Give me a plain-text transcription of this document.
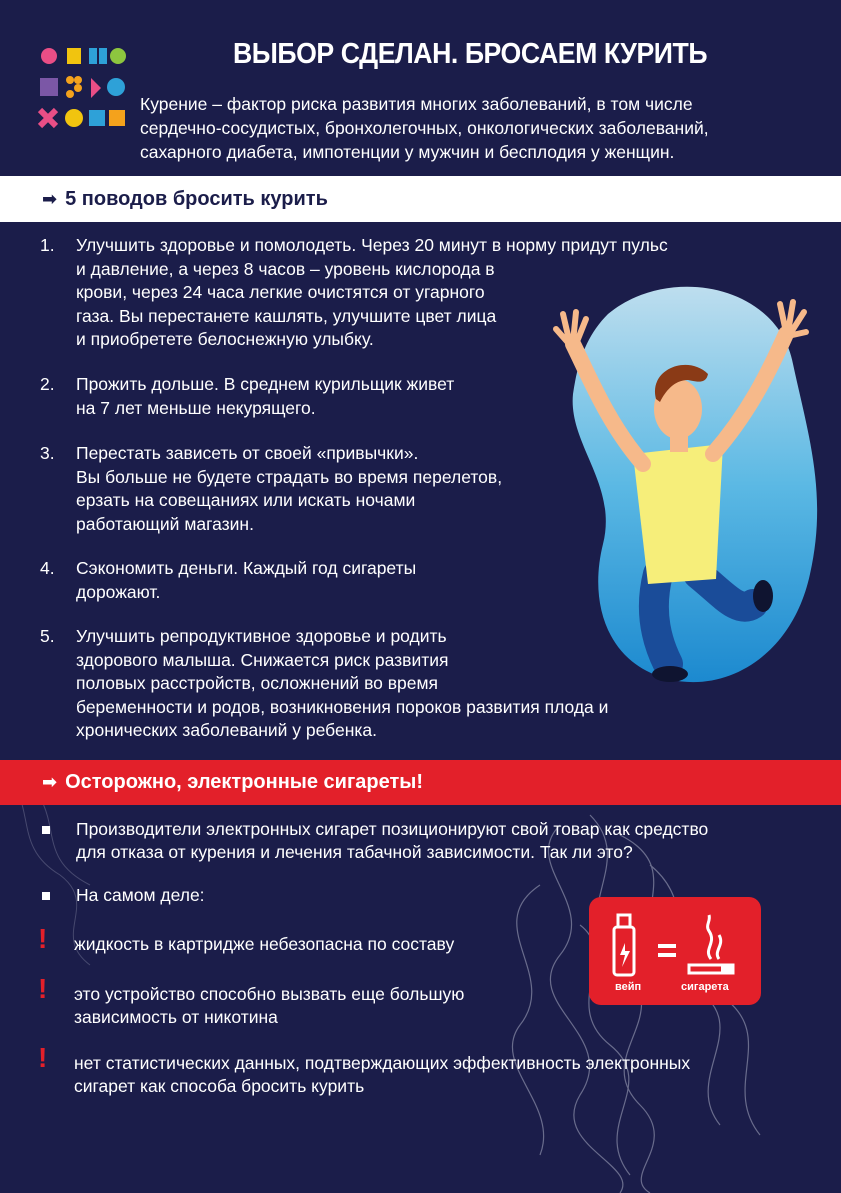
ВЫБОР СДЕЛАН. БРОСАЕМ КУРИТЬ
Курение – фактор риска развития многих заболеваний, в том числе
сердечно-сосудистых, бронхолегочных, онкологических заболеваний,
сахарного диабета, импотенции у мужчин и бесплодия у женщин.
➡ 5 поводов бросить курить
1. Улучшить здоровье и помолодеть. Через 20 минут в норму придут пульс
и давление, а через 8 часов – уровень кислорода в
крови, через 24 часа легкие очистятся от угарного
газа. Вы перестанете кашлять, улучшите цвет лица
и приобретете белоснежную улыбку.
2. Прожить дольше. В среднем курильщик живет
на 7 лет меньше некурящего.
3. Перестать зависеть от своей «привычки».
Вы больше не будете страдать во время перелетов,
ерзать на совещаниях или искать ночами
работающий магазин.
4. Сэкономить деньги. Каждый год сигареты
дорожают.
5. Улучшить репродуктивное здоровье и родить
здорового малыша. Снижается риск развития
половых расстройств, осложнений во время
беременности и родов, возникновения пороков развития плода и
хронических заболеваний у ребенка.
➡ Осторожно, электронные сигареты!
Производители электронных сигарет позиционируют свой товар как средство
для отказа от курения и лечения табачной зависимости. Так ли это?
На самом деле:
! жидкость в картридже небезопасна по составу
! это устройство способно вызвать еще большую
зависимость от никотина
! нет статистических данных, подтверждающих эффективность электронных
сигарет как способа бросить курить
вейп	сигарета
